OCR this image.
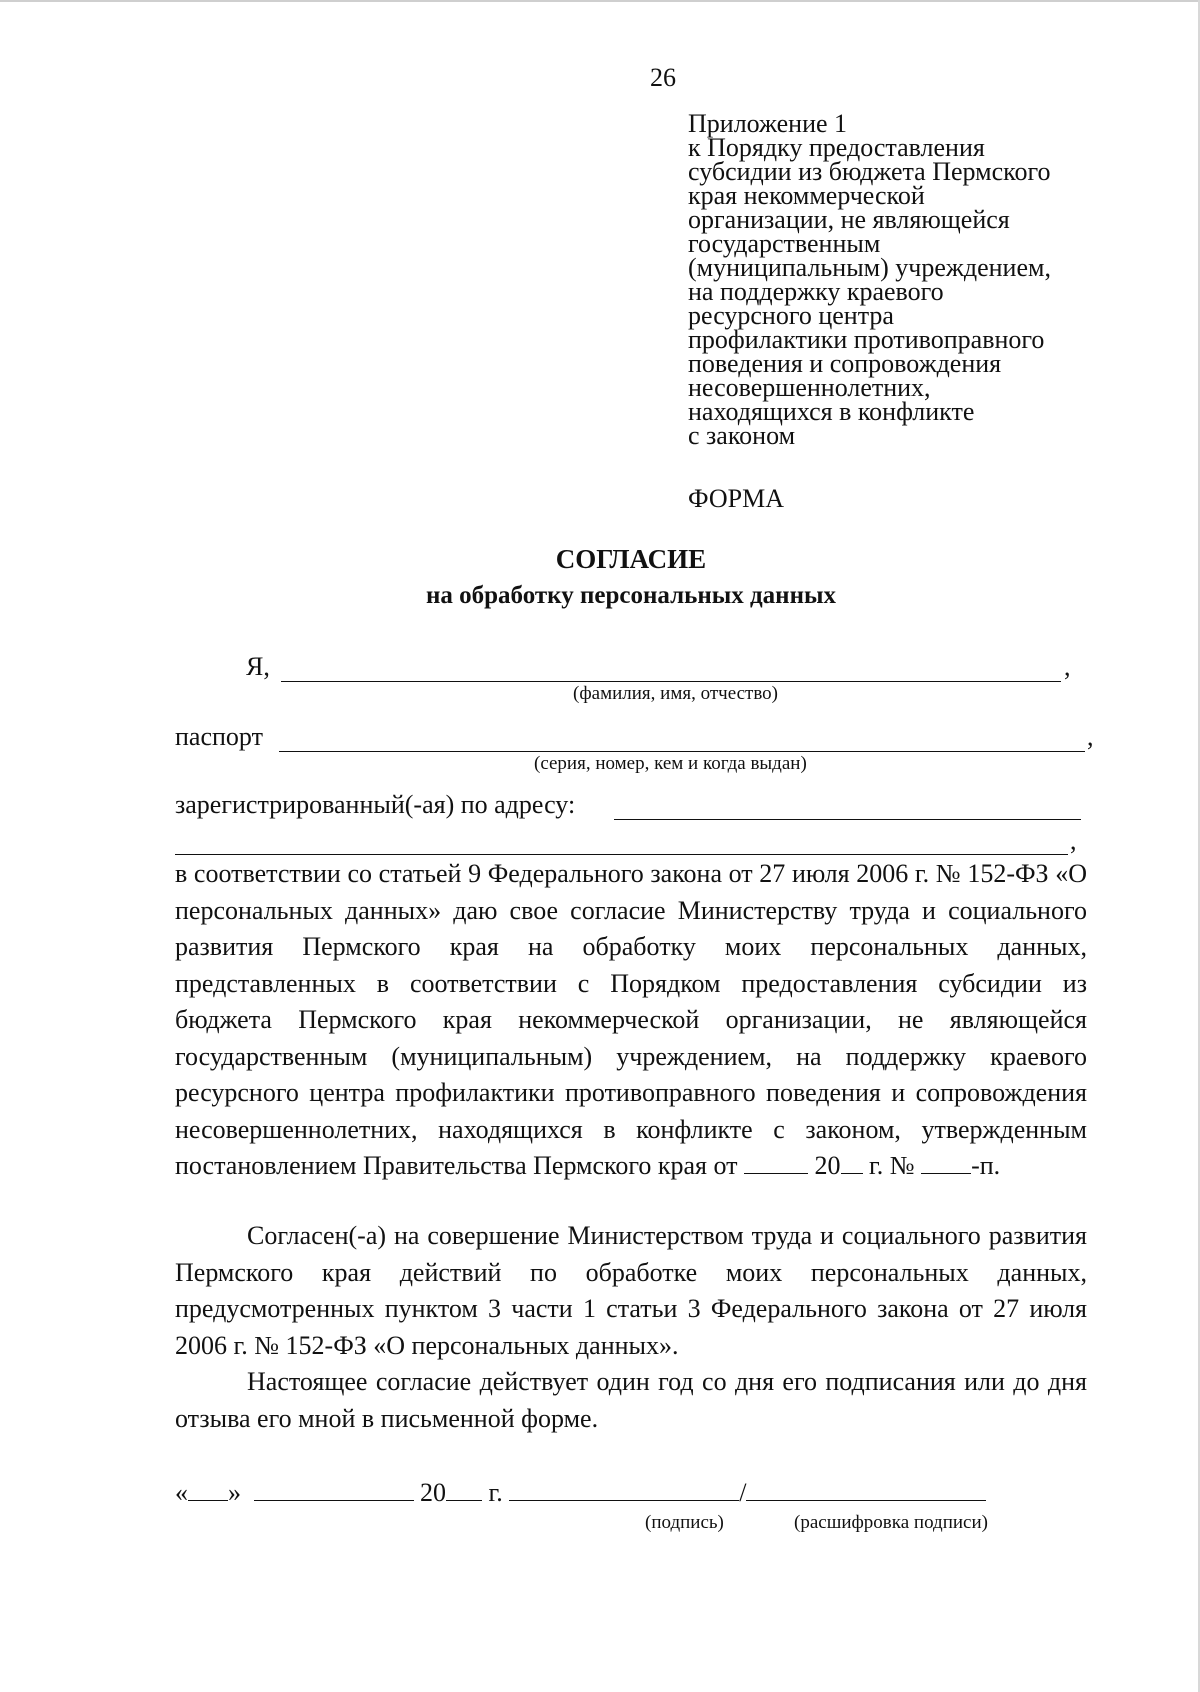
26
Приложение 1
к Порядку предоставления
субсидии из бюджета Пермского
края некоммерческой
организации, не являющейся
государственным
(муниципальным) учреждением,
на поддержку краевого
ресурсного центра
профилактики противоправного
поведения и сопровождения
несовершеннолетних,
находящихся в конфликте
с законом
ФОРМА
СОГЛАСИЕ
на обработку персональных данных
Я,	,
(фамилия, имя, отчество)
паспорт	,
(серия, номер, кем и когда выдан)
зарегистрированный(-ая) по адресу:
,

в соответствии со статьей 9 Федерального закона от 27 июля 2006 г. № 152-ФЗ «О персональных данных» даю свое согласие Министерству труда и социального развития Пермского края на обработку моих персональных данных, представленных в соответствии с Порядком предоставления субсидии из бюджета Пермского края некоммерческой организации, не являющейся государственным (муниципальным) учреждением, на поддержку краевого ресурсного центра профилактики противоправного поведения и сопровождения несовершеннолетних, находящихся в конфликте с законом, утвержденным постановлением Правительства Пермского края от	20 г. № -п.

Согласен(-а) на совершение Министерством труда и социального развития Пермского края действий по обработке моих персональных данных, предусмотренных пунктом 3 части 1 статьи 3 Федерального закона от 27 июля 2006 г. № 152-ФЗ «О персональных данных».

Настоящее согласие действует один год со дня его подписания или до дня отзыва его мной в письменной форме.

« »	20 г.	/
(подпись)	(расшифровка подписи)
